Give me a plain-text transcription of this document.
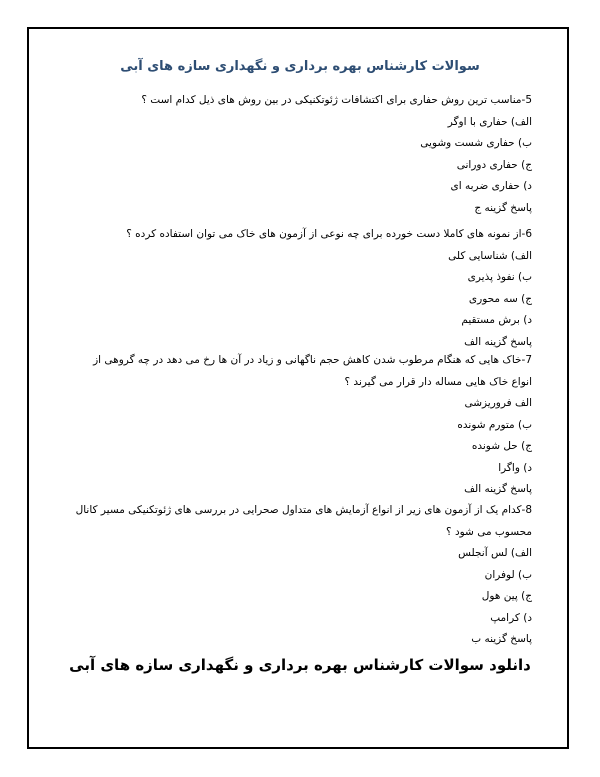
سوالات کارشناس بهره برداری و نگهداری سازه های آبی
5-مناسب ترین روش حفاری برای اکتشافات ژئوتکنیکی در بین روش های ذیل کدام است ؟
الف) حفاری با اوگر
ب) حفاری شست وشویی
ج) حفاری دورانی
د) حفاری ضربه ای
پاسخ گزینه ج
6-از نمونه های کاملا دست خورده برای چه نوعی از آزمون های خاک می توان استفاده کرده ؟
الف) شناسایی کلی
ب) نفوذ پذیری
ج) سه محوری
د) برش مستقیم
پاسخ گزینه الف
7-خاک هایی که هنگام مرطوب شدن کاهش حجم ناگهانی و زیاد در آن ها رخ می دهد در چه گروهی از انواع خاک هایی مساله دار قرار می گیرند ؟
الف فروریزشی
ب) متورم شونده
ج) حل شونده
د) واگرا
پاسخ گزینه الف
8-کدام یک از آزمون های زیر از انواع آزمایش های متداول صحرایی در بررسی های ژئوتکنیکی مسیر کانال محسوب می شود ؟
الف) لس آنجلس
ب) لوفران
ج) پین هول
د) کرامپ
پاسخ گزینه ب
دانلود سوالات کارشناس بهره برداری و نگهداری سازه های آبی
